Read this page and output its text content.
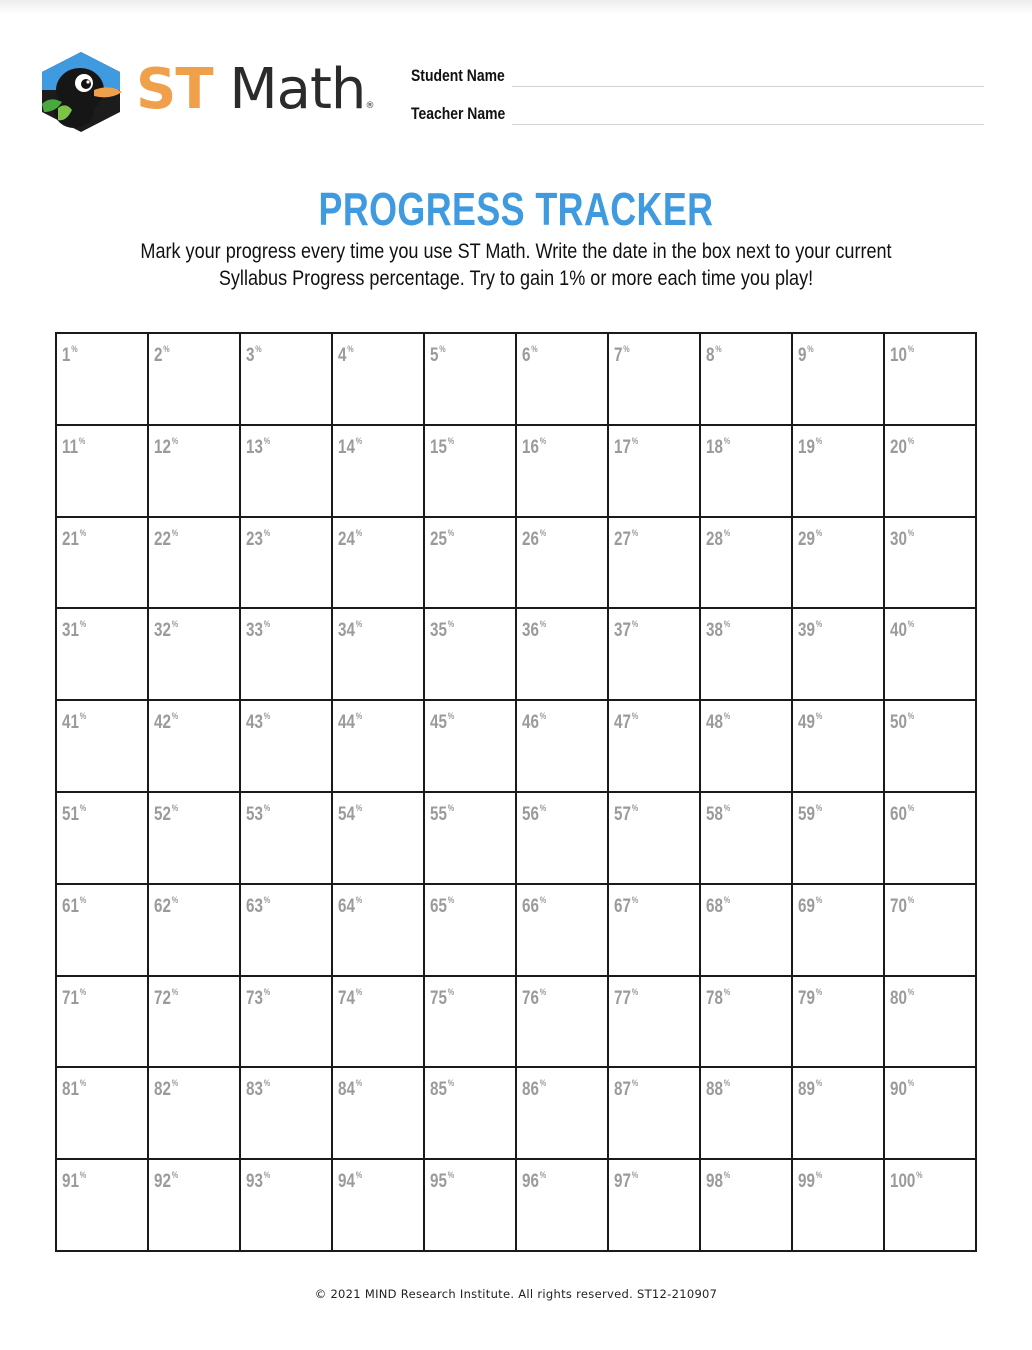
ST Math®
Student Name
Teacher Name
PROGRESS TRACKER
Mark your progress every time you use ST Math. Write the date in the box next to your current
Syllabus Progress percentage. Try to gain 1% or more each time you play!
1%	2%	3%	4%	5%	6%	7%	8%	9%	10%
11%	12%	13%	14%	15%	16%	17%	18%	19%	20%
21%	22%	23%	24%	25%	26%	27%	28%	29%	30%
31%	32%	33%	34%	35%	36%	37%	38%	39%	40%
41%	42%	43%	44%	45%	46%	47%	48%	49%	50%
51%	52%	53%	54%	55%	56%	57%	58%	59%	60%
61%	62%	63%	64%	65%	66%	67%	68%	69%	70%
71%	72%	73%	74%	75%	76%	77%	78%	79%	80%
81%	82%	83%	84%	85%	86%	87%	88%	89%	90%
91%	92%	93%	94%	95%	96%	97%	98%	99%	100%
© 2021 MIND Research Institute. All rights reserved. ST12-210907
